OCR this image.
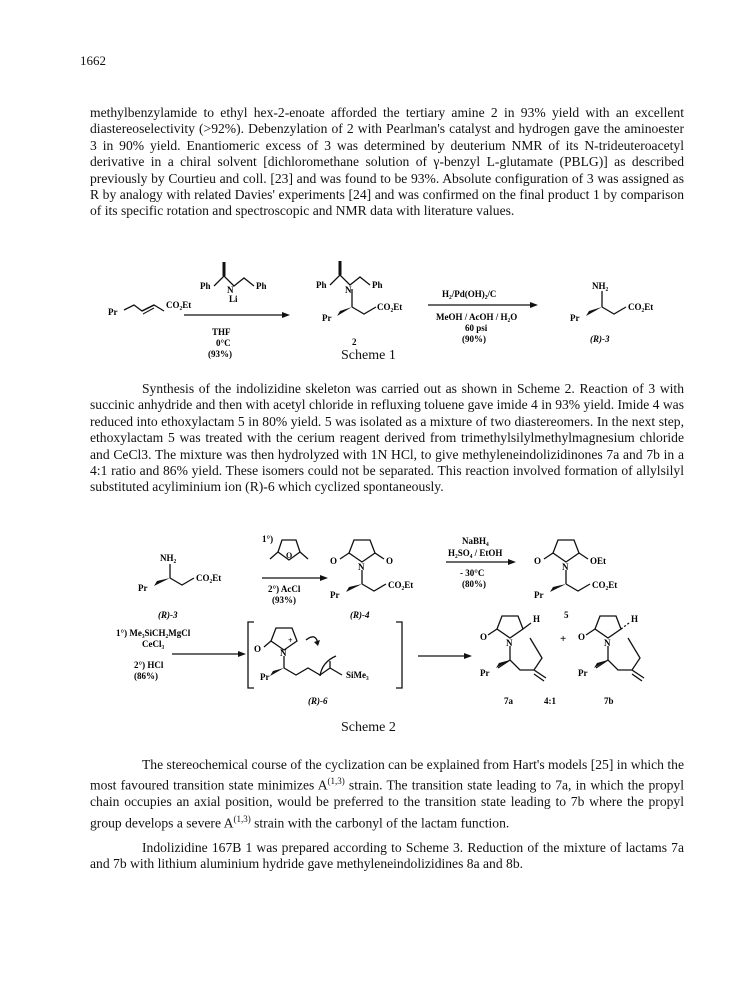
1662

methylbenzylamide to ethyl hex-2-enoate afforded the tertiary amine 2 in 93% yield with an excellent diastereoselectivity (>92%). Debenzylation of 2 with Pearlman's catalyst and hydrogen gave the aminoester 3 in 90% yield. Enantiomeric excess of 3 was determined by deuterium NMR of its N-trideuteroacetyl derivative in a chiral solvent [dichloromethane solution of γ-benzyl L-glutamate (PBLG)] as described previously by Courtieu and coll. [23] and was found to be 93%. Absolute configuration of 3 was assigned as R by analogy with related Davies' experiments [24] and was confirmed on the final product 1 by comparison of its specific rotation and spectroscopic and NMR data with literature values.

Pr
CO₂Et
Ph N
Li
Ph
THF
0°C
(93%)
Ph N Ph
Pr
CO₂Et
2
H₂/Pd(OH)₂/C
MeOH / AcOH / H₂O
60 psi
(90%)
NH₂
Pr
CO₂Et
(R)-3
Scheme 1

Synthesis of the indolizidine skeleton was carried out as shown in Scheme 2. Reaction of 3 with succinic anhydride and then with acetyl chloride in refluxing toluene gave imide 4 in 93% yield. Imide 4 was reduced into ethoxylactam 5 in 80% yield. 5 was isolated as a mixture of two diastereomers. In the next step, ethoxylactam 5 was treated with the cerium reagent derived from trimethylsilylmethylmagnesium chloride and CeCl3. The mixture was then hydrolyzed with 1N HCl, to give methyleneindolizidinones 7a and 7b in a 4:1 ratio and 86% yield. These isomers could not be separated. This reaction involved formation of allylsilyl substituted acyliminium ion (R)-6 which cyclized spontaneously.

NH₂
Pr
CO₂Et
(R)-3
1°)
O
2°) AcCl
(93%)
O
N
O
Pr
CO₂Et
(R)-4
NaBH₄
H₂SO₄ / EtOH
- 30°C
(80%)
O
N
OEt
Pr
CO₂Et
5
1°) Me₃SiCH₂MgCl
CeCl₃
2°) HCl
(86%)
O N
+
Pr	SiMe₃
(R)-6
O
N
H
Pr
7a
+
4:1
O
N
H
Pr
7b
Scheme 2

The stereochemical course of the cyclization can be explained from Hart's models [25] in which the most favoured transition state minimizes A$^{(1,3)}$ strain. The transition state leading to 7a, in which the propyl chain occupies an axial position, would be preferred to the transition state leading to 7b where the propyl group develops a severe A$^{(1,3)}$ strain with the carbonyl of the lactam function.

Indolizidine 167B 1 was prepared according to Scheme 3. Reduction of the mixture of lactams 7a and 7b with lithium aluminium hydride gave methyleneindolizidines 8a and 8b.
